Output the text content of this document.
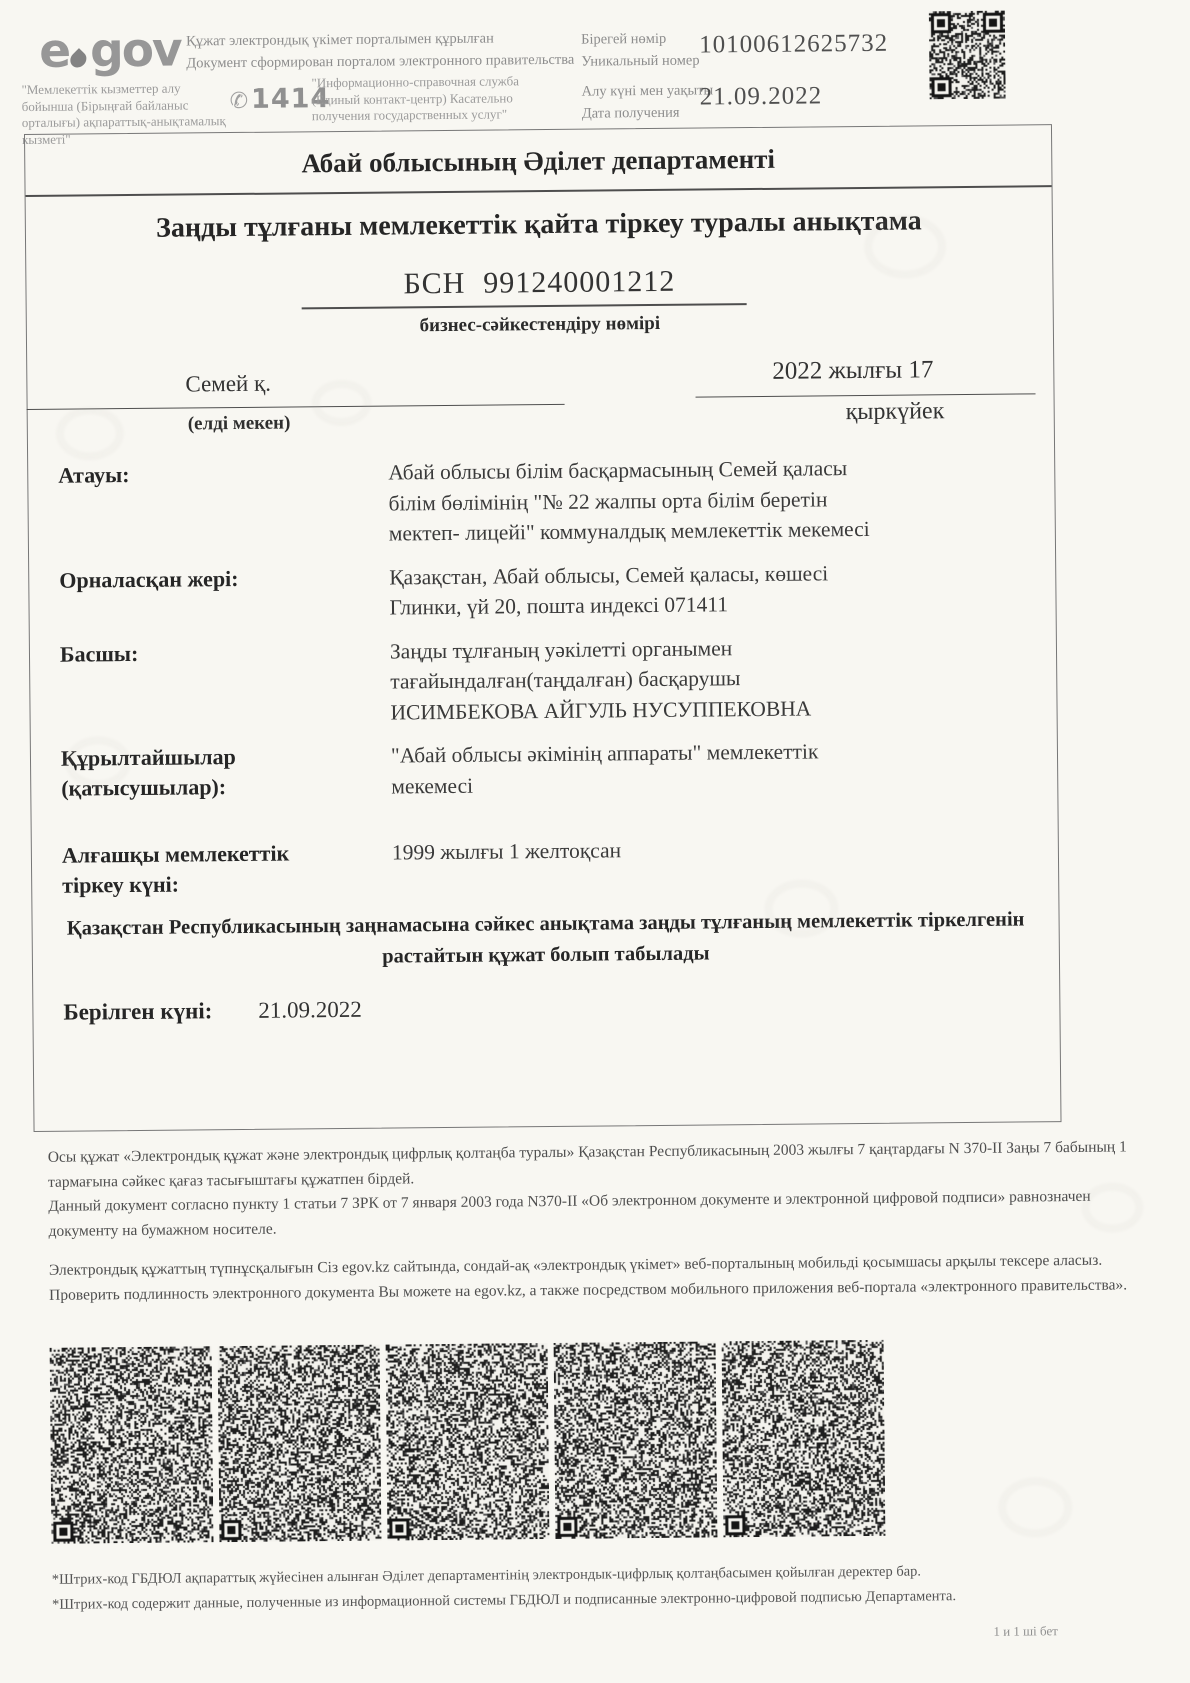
e gov Құжат электрондық үкімет порталымен құрылған
Документ сформирован порталом электронного правительства
"Мемлекеттік кызметтер алу бойынша (Бірыңғай байланыс орталығы) ақпараттық-анықтамалық кызметі"
✆1414
"Информационно-справочная служба (Единый контакт-центр) Касательно получения государственных услуг"
Бірегей нөмір
Уникальный номер
10100612625732
Алу күні мен уақыты
Дата получения
21.09.2022
Абай облысының Әділет департаменті
Заңды тұлғаны мемлекеттік қайта тіркеу туралы анықтама
БСН 991240001212
бизнес-сәйкестендіру нөмірі
Семей қ.
(елді мекен)
2022 жылғы 17
қыркүйек
Атауы:	Абай облысы білім басқармасының Семей қаласы
білім бөлімінің "№ 22 жалпы орта білім беретін
мектеп- лицейі" коммуналдық мемлекеттік мекемесі
Орналасқан жері:	Қазақстан, Абай облысы, Семей қаласы, көшесі
Глинки, үй 20, пошта индексі 071411
Басшы:	Заңды тұлғаның уәкілетті органымен
тағайындалған(таңдалған) басқарушы
ИСИМБЕКОВА АЙГУЛЬ НУСУППЕКОВНА
Құрылтайшылар
(қатысушылар):
"Абай облысы әкімінің аппараты" мемлекеттік
мекемесі
Алғашқы мемлекеттік
тіркеу күні:
1999 жылғы 1 желтоқсан
Қазақстан Республикасының заңнамасына сәйкес анықтама заңды тұлғаның мемлекеттік тіркелгенін растайтын құжат болып табылады
Берілген күні: 21.09.2022

Осы құжат «Электрондық құжат және электрондық цифрлық қолтаңба туралы» Қазақстан Республикасының 2003 жылғы 7 қаңтардағы N 370-II Заңы 7 бабының 1 тармағына сәйкес қағаз тасығыштағы құжатпен бірдей.

Данный документ согласно пункту 1 статьи 7 ЗРК от 7 января 2003 года N370-II «Об электронном документе и электронной цифровой подписи» равнозначен документу на бумажном носителе.

Электрондық құжаттың түпнұсқалығын Сіз egov.kz сайтында, сондай-ақ «электрондық үкімет» веб-порталының мобильді қосымшасы арқылы тексере аласыз.

Проверить подлинность электронного документа Вы можете на egov.kz, а также посредством мобильного приложения веб-портала «электронного правительства».

*Штрих-код ГБДЮЛ ақпараттық жүйесінен алынған Әділет департаментінің электрондык-цифрлық қолтаңбасымен қойылған деректер бар.
*Штрих-код содержит данные, полученные из информационной системы ГБДЮЛ и подписанные электронно-цифровой подписью Департамента.
1 и 1 ші бет
